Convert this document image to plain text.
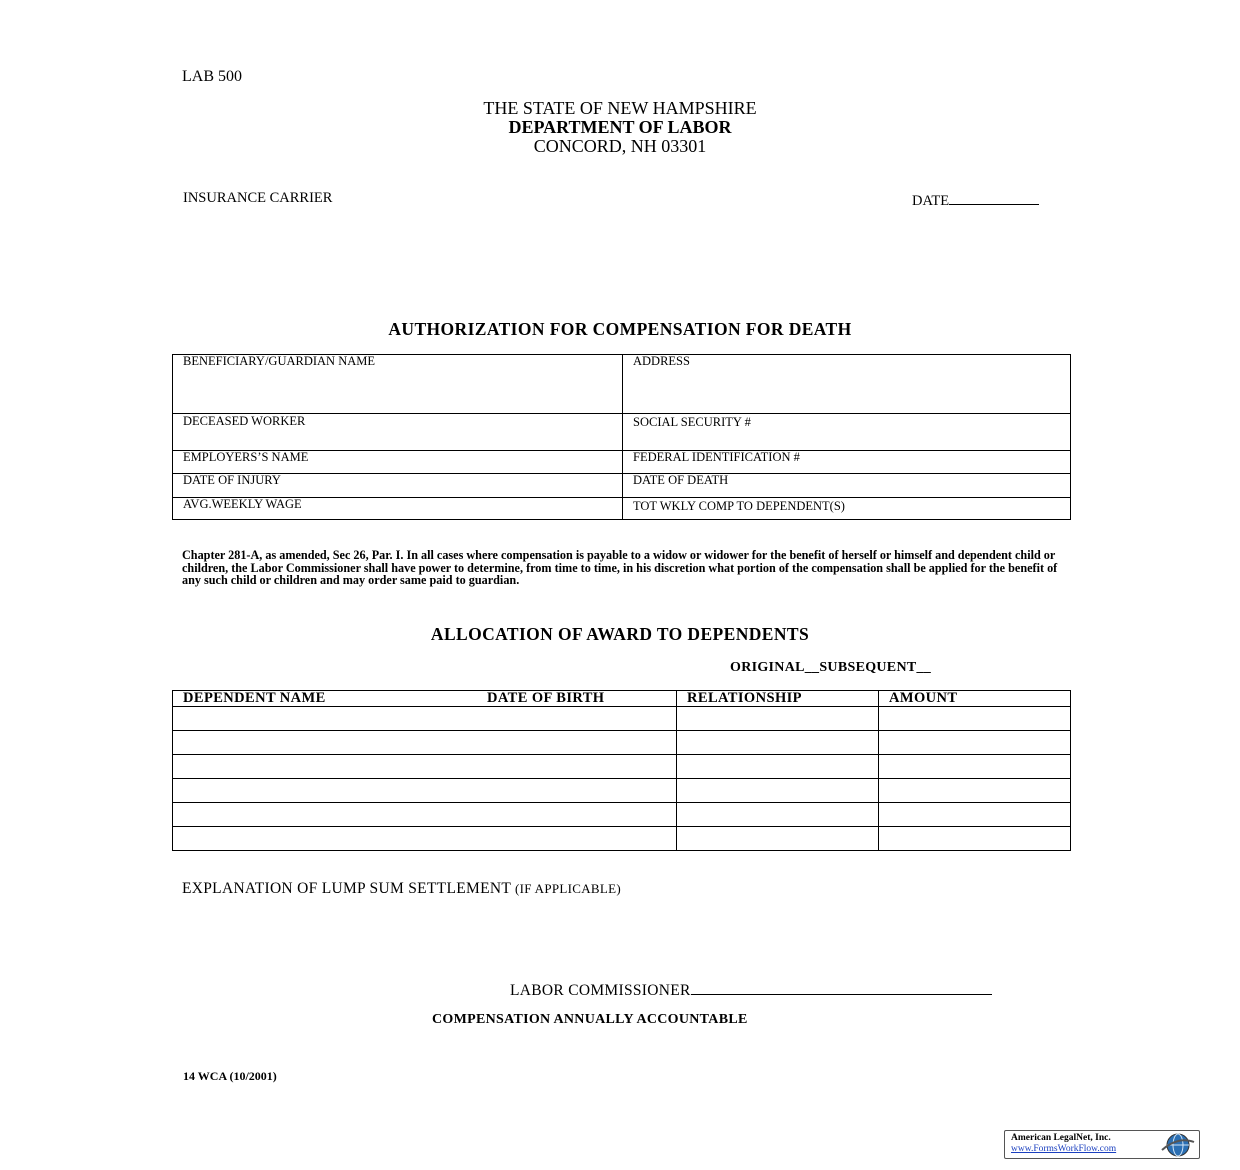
LAB 500
THE STATE OF NEW HAMPSHIRE
DEPARTMENT OF LABOR
CONCORD, NH 03301
INSURANCE CARRIER	DATE
AUTHORIZATION FOR COMPENSATION FOR DEATH
BENEFICIARY/GUARDIAN NAME	ADDRESS

DECEASED WORKER	SOCIAL SECURITY #

EMPLOYERS’S NAME	FEDERAL IDENTIFICATION #
DATE OF INJURY	DATE OF DEATH
AVG.WEEKLY WAGE	TOT WKLY COMP TO DEPENDENT(S)
Chapter 281-A, as amended, Sec 26, Par. I. In all cases where compensation is payable to a widow or widower for the benefit of herself or himself and dependent child or children, the Labor Commissioner shall have power to determine, from time to time, in his discretion what portion of the compensation shall be applied for the benefit of any such child or children and may order same paid to guardian.
ALLOCATION OF AWARD TO DEPENDENTS
ORIGINAL__SUBSEQUENT__
DEPENDENT NAME DATE OF BIRTH	RELATIONSHIP	AMOUNT

EXPLANATION OF LUMP SUM SETTLEMENT (IF APPLICABLE)
LABOR COMMISSIONER
COMPENSATION ANNUALLY ACCOUNTABLE
14 WCA (10/2001)
American LegalNet, Inc.
www.FormsWorkFlow.com
